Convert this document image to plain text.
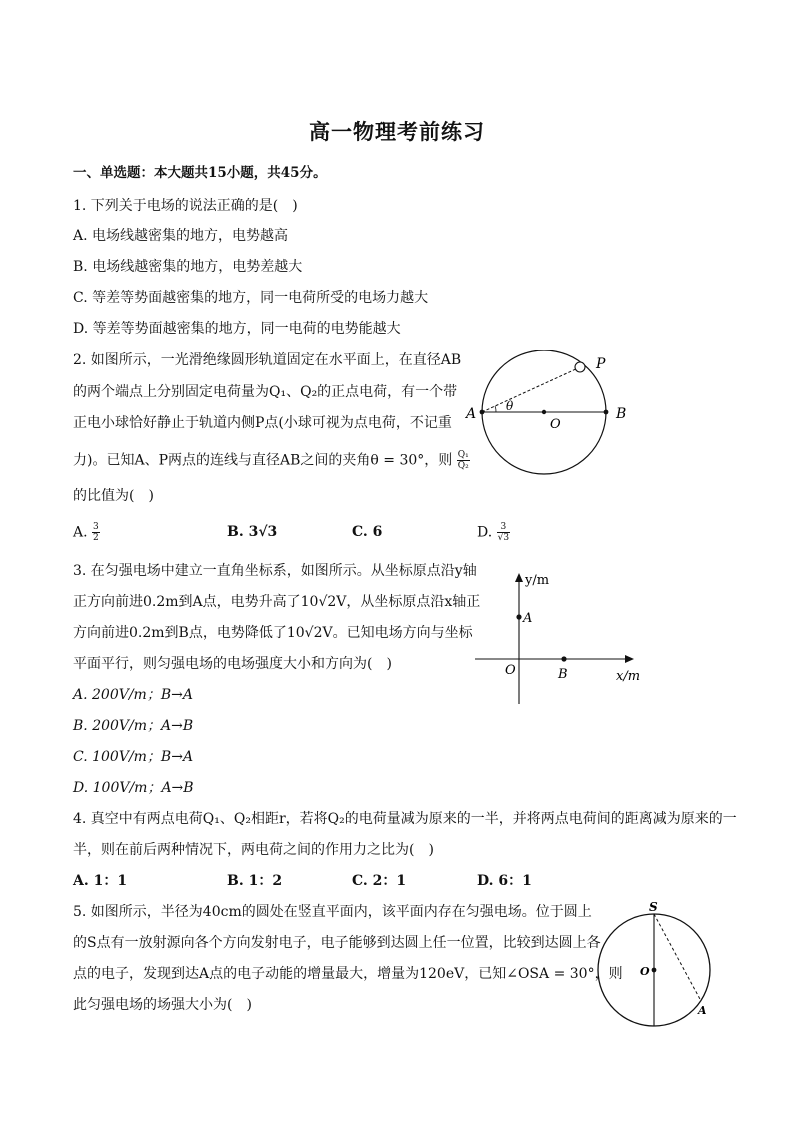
高一物理考前练习
一、单选题：本大题共15小题，共45分。
1. 下列关于电场的说法正确的是(　)
A. 电场线越密集的地方，电势越高
B. 电场线越密集的地方，电势差越大
C. 等差等势面越密集的地方，同一电荷所受的电场力越大
D. 等差等势面越密集的地方，同一电荷的电势能越大
2. 如图所示，一光滑绝缘圆形轨道固定在水平面上，在直径AB
的两个端点上分别固定电荷量为Q₁、Q₂的正点电荷，有一个带
正电小球恰好静止于轨道内侧P点(小球可视为点电荷，不记重
力)。已知A、P两点的连线与直径AB之间的夹角θ = 30°，则 $\frac{\text{Q₁}}{\text{Q₂}}$
的比值为(　)
A. $\frac{3}{2}$	B. 3√3	C. 6	D. $\frac{3}{√3}$
P
A	B
O
θ
3. 在匀强电场中建立一直角坐标系，如图所示。从坐标原点沿y轴
正方向前进0.2m到A点，电势升高了10√2V，从坐标原点沿x轴正
方向前进0.2m到B点，电势降低了10√2V。已知电场方向与坐标
平面平行，则匀强电场的电场强度大小和方向为(　)
A. 200V/m；B→A
B. 200V/m；A→B
C. 100V/m；B→A
D. 100V/m；A→B
y/m
x/m
A
B
O
4. 真空中有两点电荷Q₁、Q₂相距r，若将Q₂的电荷量减为原来的一半，并将两点电荷间的距离减为原来的一
半，则在前后两种情况下，两电荷之间的作用力之比为(　)
A. 1：1	B. 1：2	C. 2：1	D. 6：1
5. 如图所示，半径为40cm的圆处在竖直平面内，该平面内存在匀强电场。位于圆上
的S点有一放射源向各个方向发射电子，电子能够到达圆上任一位置，比较到达圆上各
点的电子，发现到达A点的电子动能的增量最大，增量为120eV，已知∠OSA = 30°，则
此匀强电场的场强大小为(　)
S
O
A
